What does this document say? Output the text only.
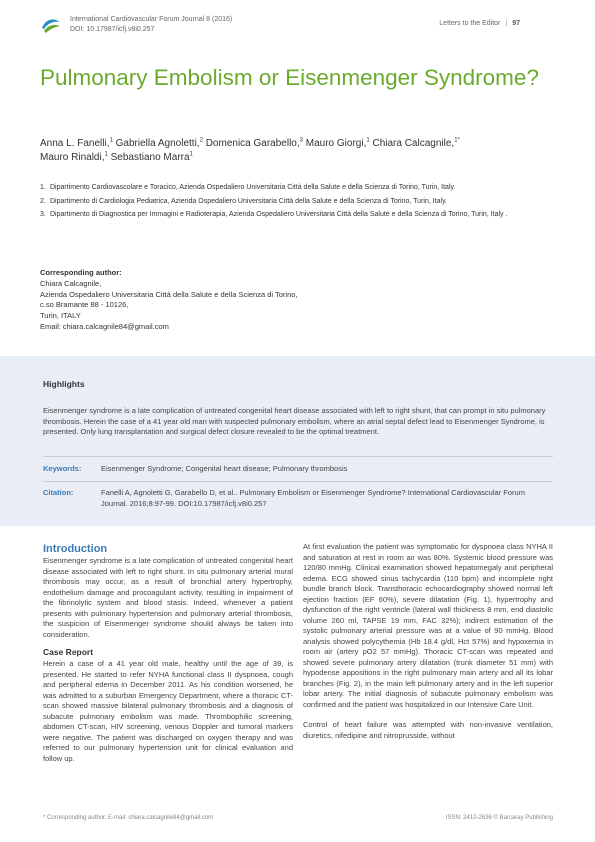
International Cardiovascular Forum Journal 8 (2016)
DOI: 10.17987/icfj.v8i0.257
Letters to the Editor | 97
Pulmonary Embolism or Eisenmenger Syndrome?
Anna L. Fanelli,$^1$ Gabriella Agnoletti,$^2$ Domenica Garabello,$^3$ Mauro Giorgi,$^1$ Chiara Calcagnile,$^{1*}$
Mauro Rinaldi,$^1$ Sebastiano Marra$^1$
1. Dipartimento Cardiovascolare e Toracico, Azienda Ospedaliero Universitaria Città della Salute e della Scienza di Torino, Turin, Italy.
2. Dipartimento di Cardiologia Pediatrica, Azienda Ospedaliero Universitaria Città della Salute e della Scienza di Torino, Turin, Italy.
3. Dipartimento di Diagnostica per Immagini e Radioterapia, Azienda Ospedaliero Universitaria Città della Salute e della Scienza di Torino, Turin, Italy .
Corresponding author:
Chiara Calcagnile,
Azienda Ospedaliero Universitaria Città della Salute e della Scienza di Torino,
c.so Bramante 88 - 10126,
Turin, ITALY
Email: chiara.calcagnile84@gmail.com
Highlights
Eisenmenger syndrome is a late complication of untreated congenital heart disease associated with left to right shunt, that can prompt in situ pulmonary thrombosis. Herein the case of a 41 year old man with suspected pulmonary embolism, where an atrial septal defect lead to Eisenmenger Syndrome, is presented. Only lung transplantation and surgical defect closure revealed to be the optimal treatment.
Keywords:	Eisenmenger Syndrome; Congenital heart disease; Pulmonary thrombosis
Citation:	Fanelli A, Agnoletti G, Garabello D, et al.. Pulmonary Embolism or Eisenmenger Syndrome? International Cardiovascular Forum Journal. 2016;8:97-99. DOI:10.17987/icfj.v8i0.257
Introduction

Eisenmenger syndrome is a late complication of untreated congenital heart disease associated with left to right shunt. In situ pulmonary arterial mural thrombosis may occur, as a result of bronchial artery hypertrophy, endothelium damage and procoagulant activity, resulting in impairment of the fibrinolytic system and blood stasis. Indeed, whenever a patient presents with pulmonary hypertension and pulmonary arterial thrombosis, the suspicion of Eisenmenger syndrome should always be taken into consideration.

Case Report

Herein a case of a 41 year old male, healthy until the age of 39, is presented. He started to refer NYHA functional class II dyspnoea, cough and peripheral edema in December 2011. As his condition worsened, he was admitted to a suburban Emergency Department, where a thoracic CT-scan showed massive bilateral pulmonary thrombosis and a diagnosis of subacute pulmonary embolism was made. Thrombophilic screening, abdomen CT-scan, HIV screening, venous Doppler and tumoral markers were negative. The patient was discharged on oxygen therapy and was referred to our pulmonary hypertension unit for clinical evaluation and follow up.

At first evaluation the patient was symptomatic for dyspnoea class NYHA II and saturation at rest in room air was 80%. Systemic blood pressure was 120/80 mmHg. Clinical examination showed hepatomegaly and peripheral edema. ECG showed sinus tachycardia (110 bpm) and incomplete right bundle branch block. Transthoracic echocardiography showed normal left ejection fraction (EF 60%), severe dilatation (Fig. 1), hypertrophy and dysfunction of the right ventricle (lateral wall thickness 8 mm, end diastolic volume 260 ml, TAPSE 19 mm, FAC 32%); indirect estimation of the systolic pulmonary arterial pressure was at a value of 90 mmHg. Blood analysis showed polycythemia (Hb 18.4 g/dl, Hct 57%) and hypoxemia in room air (artery pO2 57 mmHg). Thoracic CT-scan was repeated and showed severe pulmonary artery dilatation (trunk diameter 51 mm) with hypodense appositions in the right pulmonary main artery and all its lobar branches (Fig. 2), in the main left pulmonary artery and in the left superior lobar artery. The initial diagnosis of subacute pulmonary embolism was confirmed and the patient was hospitalized in our Intensive Care Unit.

Control of heart failure was attempted with non-invasive ventilation, diuretics, nifedipine and nitroprusside, without

* Corresponding author. E-mail: chiara.calcagnile84@gmail.com	ISSN: 2410-2636 © Barcaray Publishing
